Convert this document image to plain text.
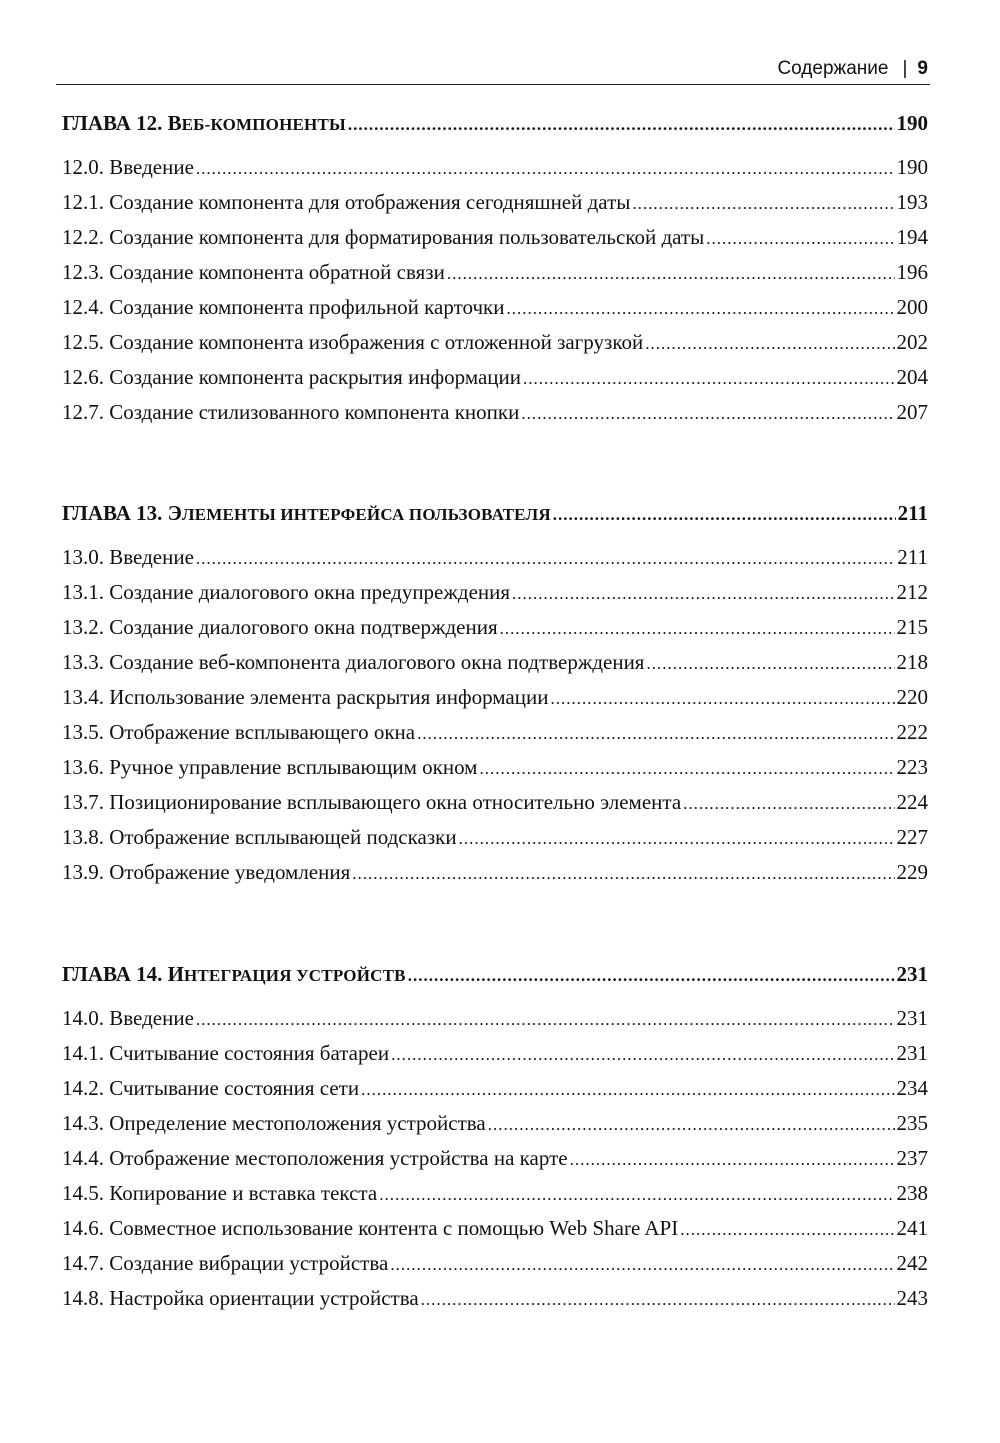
Содержание | 9
ГЛАВА 12. ВЕБ-КОМПОНЕНТЫ .....	190
12.0. Введение .....	190
12.1. Создание компонента для отображения сегодняшней даты .....	193
12.2. Создание компонента для форматирования пользовательской даты .....	194
12.3. Создание компонента обратной связи .....	196
12.4. Создание компонента профильной карточки .....	200
12.5. Создание компонента изображения с отложенной загрузкой .....	202
12.6. Создание компонента раскрытия информации .....	204
12.7. Создание стилизованного компонента кнопки .....	207
ГЛАВА 13. ЭЛЕМЕНТЫ ИНТЕРФЕЙСА ПОЛЬЗОВАТЕЛЯ .....	211
13.0. Введение .....	211
13.1. Создание диалогового окна предупреждения .....	212
13.2. Создание диалогового окна подтверждения .....	215
13.3. Создание веб-компонента диалогового окна подтверждения .....	218
13.4. Использование элемента раскрытия информации .....	220
13.5. Отображение всплывающего окна .....	222
13.6. Ручное управление всплывающим окном .....	223
13.7. Позиционирование всплывающего окна относительно элемента .....	224
13.8. Отображение всплывающей подсказки .....	227
13.9. Отображение уведомления .....	229
ГЛАВА 14. ИНТЕГРАЦИЯ УСТРОЙСТВ .....	231
14.0. Введение .....	231
14.1. Считывание состояния батареи .....	231
14.2. Считывание состояния сети .....	234
14.3. Определение местоположения устройства .....	235
14.4. Отображение местоположения устройства на карте .....	237
14.5. Копирование и вставка текста .....	238
14.6. Совместное использование контента с помощью Web Share API .....	241
14.7. Создание вибрации устройства .....	242
14.8. Настройка ориентации устройства .....	243
